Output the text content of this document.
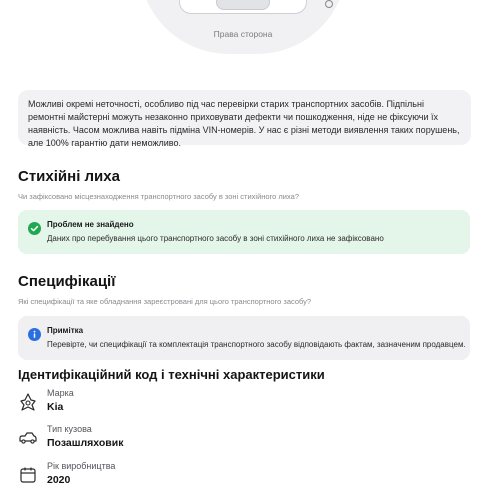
Права сторона
Можливі окремі неточності, особливо під час перевірки старих транспортних засобів. Підпільні ремонтні майстерні можуть незаконно приховувати дефекти чи пошкодження, ніде не фіксуючи їх наявність. Часом можлива навіть підміна VIN-номерів. У нас є різні методи виявлення таких порушень, але 100% гарантію дати неможливо.
Стихійні лиха
Чи зафіксовано місцезнаходження транспортного засобу в зоні стихійного лиха?
Проблем не знайдено
Даних про перебування цього транспортного засобу в зоні стихійного лиха не зафіксовано
Специфікації
Які специфікації та яке обладнання зареєстровані для цього транспортного засобу?
Примітка
Перевірте, чи специфікації та комплектація транспортного засобу відповідають фактам, зазначеним продавцем.
Ідентифікаційний код і технічні характеристики
Марка
Kia
Тип кузова
Позашляховик
Рік виробництва
2020
